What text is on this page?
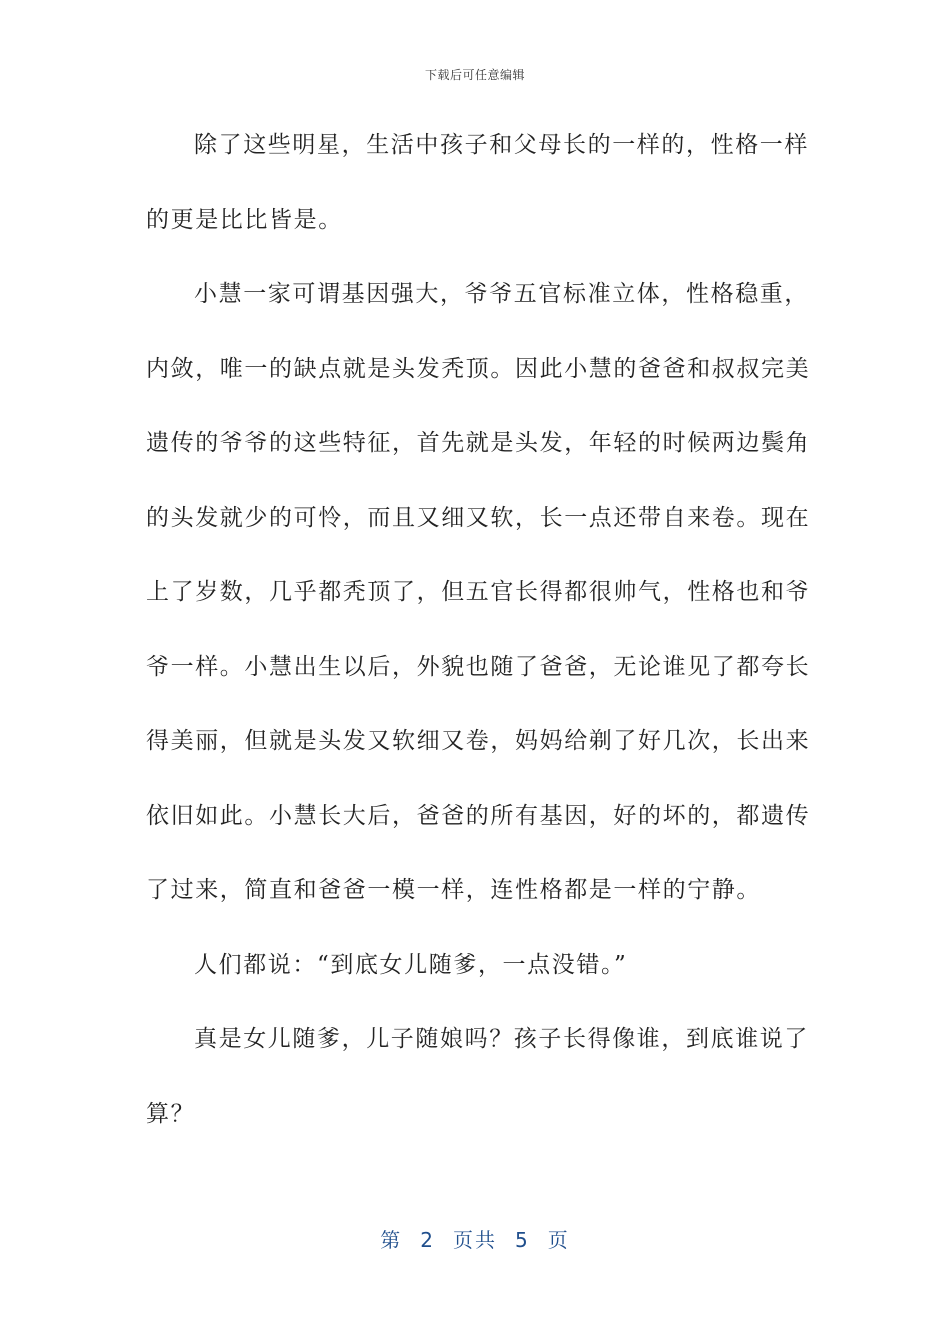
下载后可任意编辑

除了这些明星，生活中孩子和父母长的一样的，性格一样
的更是比比皆是。

小慧一家可谓基因强大，爷爷五官标准立体，性格稳重，
内敛，唯一的缺点就是头发秃顶。因此小慧的爸爸和叔叔完美
遗传的爷爷的这些特征，首先就是头发，年轻的时候两边鬓角
的头发就少的可怜，而且又细又软，长一点还带自来卷。现在
上了岁数，几乎都秃顶了，但五官长得都很帅气，性格也和爷
爷一样。小慧出生以后，外貌也随了爸爸，无论谁见了都夸长
得美丽，但就是头发又软细又卷，妈妈给剃了好几次，长出来
依旧如此。小慧长大后，爸爸的所有基因，好的坏的，都遗传
了过来，简直和爸爸一模一样，连性格都是一样的宁静。

人们都说：“到底女儿随爹，一点没错。”

真是女儿随爹，儿子随娘吗？孩子长得像谁，到底谁说了
算？

第 2 页共 5 页
